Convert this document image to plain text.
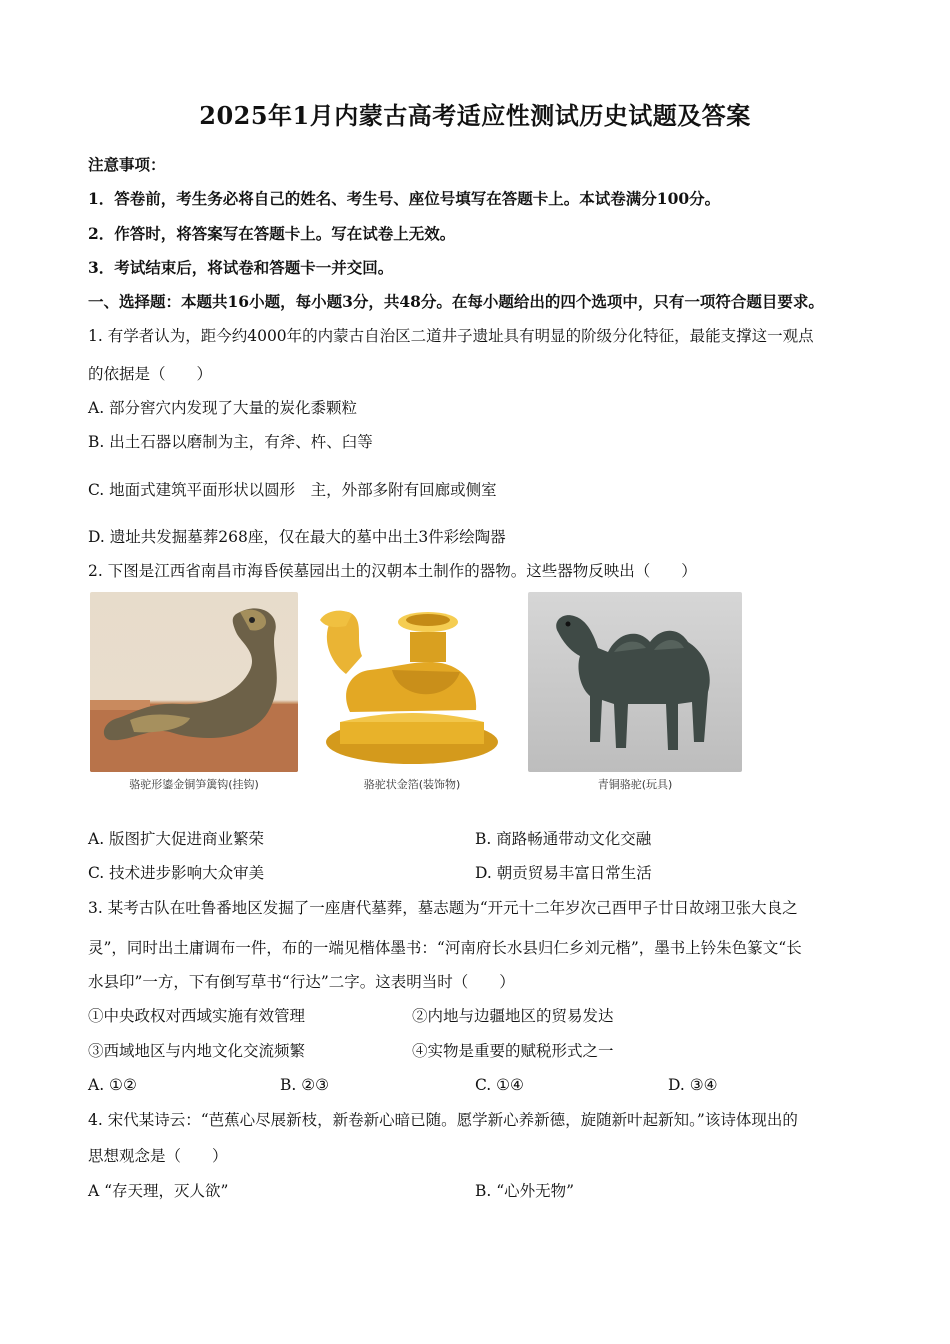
2025年1月内蒙古高考适应性测试历史试题及答案
注意事项：
1．答卷前，考生务必将自己的姓名、考生号、座位号填写在答题卡上。本试卷满分100分。
2．作答时，将答案写在答题卡上。写在试卷上无效。
3．考试结束后，将试卷和答题卡一并交回。
一、选择题：本题共16小题，每小题3分，共48分。在每小题给出的四个选项中，只有一项符合题目要求。
1. 有学者认为，距今约4000年的内蒙古自治区二道井子遗址具有明显的阶级分化特征，最能支撑这一观点
的依据是（　　）
A. 部分窖穴内发现了大量的炭化黍颗粒
B. 出土石器以磨制为主，有斧、杵、臼等
C. 地面式建筑平面形状以圆形　主，外部多附有回廊或侧室
D. 遗址共发掘墓葬268座，仅在最大的墓中出土3件彩绘陶器
2. 下图是江西省南昌市海昏侯墓园出土的汉朝本土制作的器物。这些器物反映出（　　）
骆驼形鎏金铜笋簴钩(挂钩)	骆驼状金箔(装饰物)	青铜骆驼(玩具)
A. 版图扩大促进商业繁荣	B. 商路畅通带动文化交融
C. 技术进步影响大众审美	D. 朝贡贸易丰富日常生活
3. 某考古队在吐鲁番地区发掘了一座唐代墓葬，墓志题为“开元十二年岁次己酉甲子廿日故翊卫张大良之
灵”，同时出土庸调布一件，布的一端见楷体墨书：“河南府长水县归仁乡刘元楷”，墨书上钤朱色篆文“长
水县印”一方，下有倒写草书“行达”二字。这表明当时（　　）
①中央政权对西域实施有效管理	②内地与边疆地区的贸易发达
③西域地区与内地文化交流频繁	④实物是重要的赋税形式之一
A. ①②	B. ②③	C. ①④	D. ③④
4. 宋代某诗云：“芭蕉心尽展新枝，新卷新心暗已随。愿学新心养新德，旋随新叶起新知。”该诗体现出的
思想观念是（　　）
A “存天理，灭人欲”	B. “心外无物”
